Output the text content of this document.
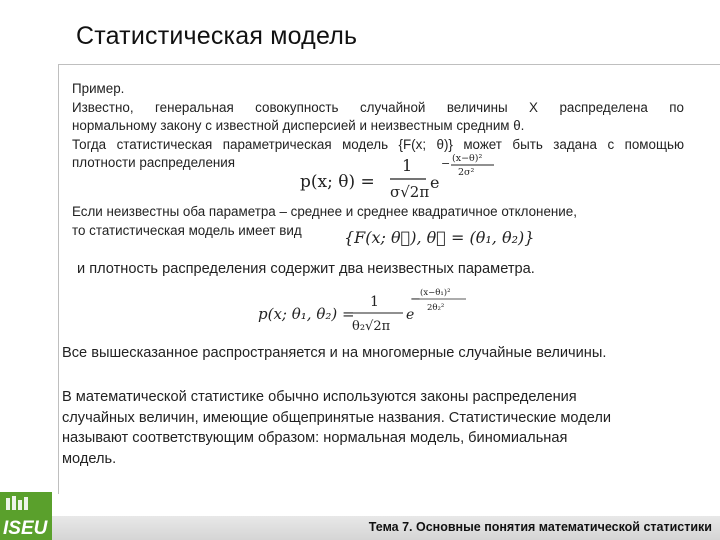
Статистическая модель
Пример.
Известно, генеральная совокупность случайной величины X распределена по
нормальному закону с известной дисперсией и неизвестным средним θ.
Тогда статистическая параметрическая модель {F(x; θ)} может быть задана с помощью
плотности распределения
p(x; θ) =
1
σ√2π e
− (x−θ)²
2σ²
Если неизвестны оба параметра – среднее и среднее квадратичное отклонение,
то статистическая модель имеет вид	{F(x; θ⃗), θ⃗ = (θ₁, θ₂)}
и плотность распределения содержит два неизвестных параметра.
p(x; θ₁, θ₂) =
1
θ₂√2π
e
− (x−θ₁)²
2θ₂²
Все вышесказанное распространяется и на многомерные случайные величины.
В математической статистике обычно используются законы распределения
случайных величин, имеющие общепринятые названия. Статистические модели
называют соответствующим образом: нормальная модель, биномиальная
модель.
Тема 7. Основные понятия математической статистики
ISEU
